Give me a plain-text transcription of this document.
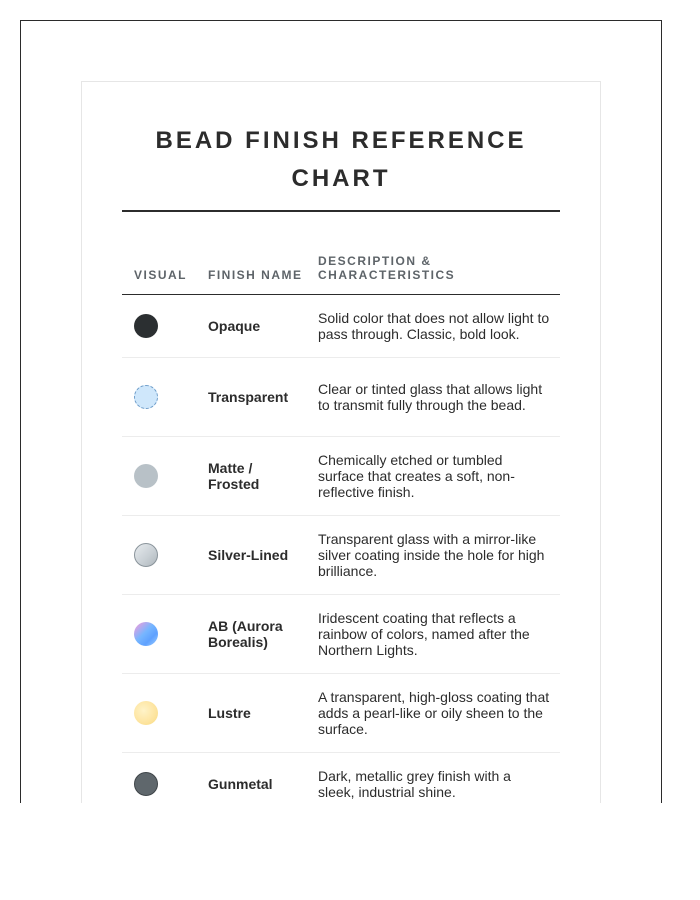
BEAD FINISH REFERENCE CHART
VISUAL	FINISH NAME	DESCRIPTION & CHARACTERISTICS

	Opaque	Solid color that does not allow light to pass through. Classic, bold look.

	Transparent	Clear or tinted glass that allows light to transmit fully through the bead.

	Matte / Frosted	Chemically etched or tumbled surface that creates a soft, non-reflective finish.

	Silver-Lined	Transparent glass with a mirror-like silver coating inside the hole for high brilliance.

	AB (Aurora Borealis)	Iridescent coating that reflects a rainbow of colors, named after the Northern Lights.

	Lustre	A transparent, high-gloss coating that adds a pearl-like or oily sheen to the surface.

	Gunmetal	Dark, metallic grey finish with a sleek, industrial shine.
